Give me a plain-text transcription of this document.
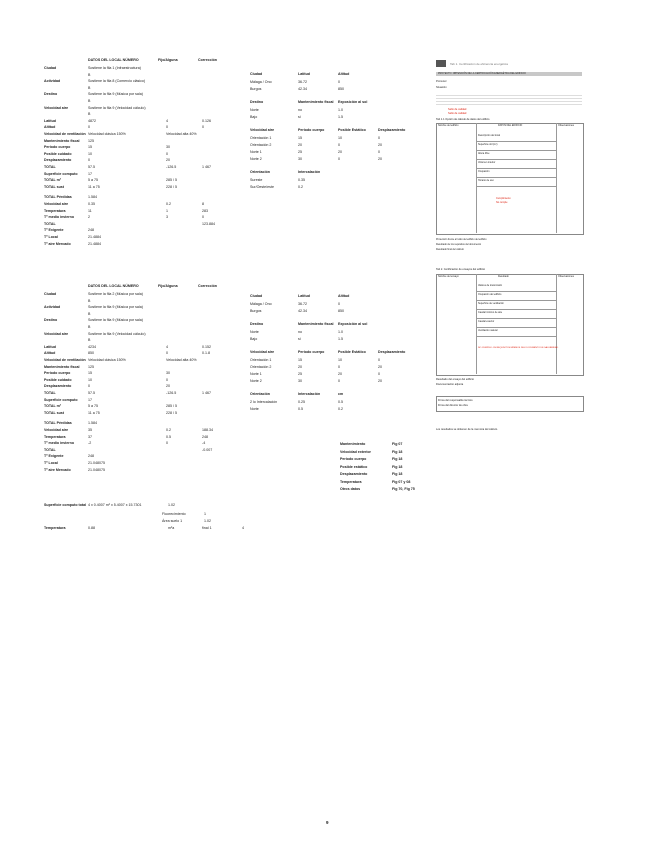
DATOS DEL LOCAL NÚMERO	Fijo/Alguna	Corrección
Ciudad	Sostiene la fila 1 (Infraestructura)
B
Actividad	Sostiene la fila 8 (Comercio clásico)
B
Destino	Sostiene la fila 9 (Música por sala)
B
Velocidad aire	Sostiene la fila 9 (Velocidad cálculo)
B
Latitud	4872	4	0.126
Altitud	0	0	0
Velocidad de ventilación Velocidad clásica 150%	Velocidad alta 40%
Mantenimiento fiscal 125
Periodo cuerpo	15	30
Posible cuidado	10	0
Desplazamiento	0	20
TOTAL	57.5	-126.5	1 467
Superficie computo	17
TOTAL m²	5 a 75	285 / 5
TOTAL sust	11 a 75	228 / 5
TOTAL Pérdidas	1.584
Velocidad aire	0.35	0.2	8
Temperatura	11	1	283
Tº medio invierno	2	3	0
TOTAL	123.884
Tª Exigente	248
Tª Local	21.4884
Tª aire Mercado	21.4884
Ciudad	Latitud	Altitud
Málaga / Ono	36.72	0
Burgos	42.34	850
Destino	Mantenimiento fiscal Exposición al sol
Norte	no	1.0
Bajo	si	1.5
Velocidad aire	Periodo cuerpo	Posible Estático	Desplazamiento
Orientación 1	15	10	0
Orientación 2	20	0	20
Norte 1	25	20	0
Norte 2	30	0	20
Orientación	Intercalación
Sureste	0.35
Sur/Oeste/este	0.2
DATOS DEL LOCAL NÚMERO	Fijo/Alguna	Corrección
Ciudad	Sostiene la fila 2 (Música por sala)
B
Actividad	Sostiene la fila 9 (Música por sala)
B
Destino	Sostiene la fila 9 (Música por sala)
B
Velocidad aire	Sostiene la fila 9 (Velocidad cálculo)
B
Latitud	4234	4	0.152
Altitud	850	0	0.1.8
Velocidad de ventilación Velocidad clásica 150%	Velocidad alta 40%
Mantenimiento fiscal 125
Periodo cuerpo	15	30
Posible cuidado	10	0
Desplazamiento	0	20
TOTAL	57.5	-126.5	1 467
Superficie computo	17
TOTAL m²	5 a 75	285 / 5
TOTAL sust	11 a 75	228 / 5
TOTAL Pérdidas	1.584
Velocidad aire	35	0.2	188.34
Temperatura	37	0.5	248
Tº medio invierno	-2	0	-4
TOTAL	-0.007
Tª Exigente	248
Tª Local	21.048075
Tª aire Mercado	21.048075
Ciudad	Latitud	Altitud
Málaga / Ono	36.72	0
Burgos	42.34	850
Destino	Mantenimiento fiscal Exposición al sol
Norte	no	1.0
Bajo	si	1.5
Velocidad aire	Periodo cuerpo	Posible Estático	Desplazamiento
Orientación 1	15	10	0
Orientación 2	20	0	20
Norte 1	25	20	0
Norte 2	30	0	20
Orientación	Intercalación	cm
2 lo Intercalación	0.25	0.5
Norte	0.5	0.2
Mantenimiento	Fig 07
Velocidad exterior	Fig 18
Periodo cuerpo	Fig 18
Posible estático	Fig 18
Desplazamiento	Fig 18
Temperatura	Fig 07 y 08
Otros datos	Fig 70, Fig 75
Superficie computo total 4 x 0.4007 m² x 5.4007 x 15.7301	1.02
Fluorecimiento	1
Área suelo 1	1.02
Temperatura	0.88	m²a	final 1	4
Tab 1. Certificación de eficiencia energética
PROYECTO: OBTENCIÓN DE LA CERTIFICACIÓN ENERGÉTICA DEL EDIFICIO
Promotor
Situación
Sello de calidad
Sello de calidad
Tab 1.1 Opción de cálculo de datos del edificio
Nombre del edificio	DATOS DEL EDIFICIO	Observaciones
Descripción del local
Superficie útil (m²)
Altura libre
Volumen interior
Ocupación
Horario de uso
Protección frente al ruido del edificio del edificio
Resultado de los requisitos del documento
Resultado final del cálculo
Cumplimiento
No cumple
Tab 2. Certificación de ensayos del edificio
Nombre del ensayo	Resultado	Observaciones
Valores de transmisión
Ocupación del edificio
Superficie de ventilación
Caudal mínimo de aire
Caudal exterior
Ventilación natural
NO CUMPLE LOS REQUISITOS MÍNIMOS DEL DOCUMENTO DE SALUBRIDAD
Resultado del ensayo del edificio
Documentación adjunta
Firma del responsable técnico
Firma del director de obra
Los resultados se obtienen de la memoria del cálculo.
9
